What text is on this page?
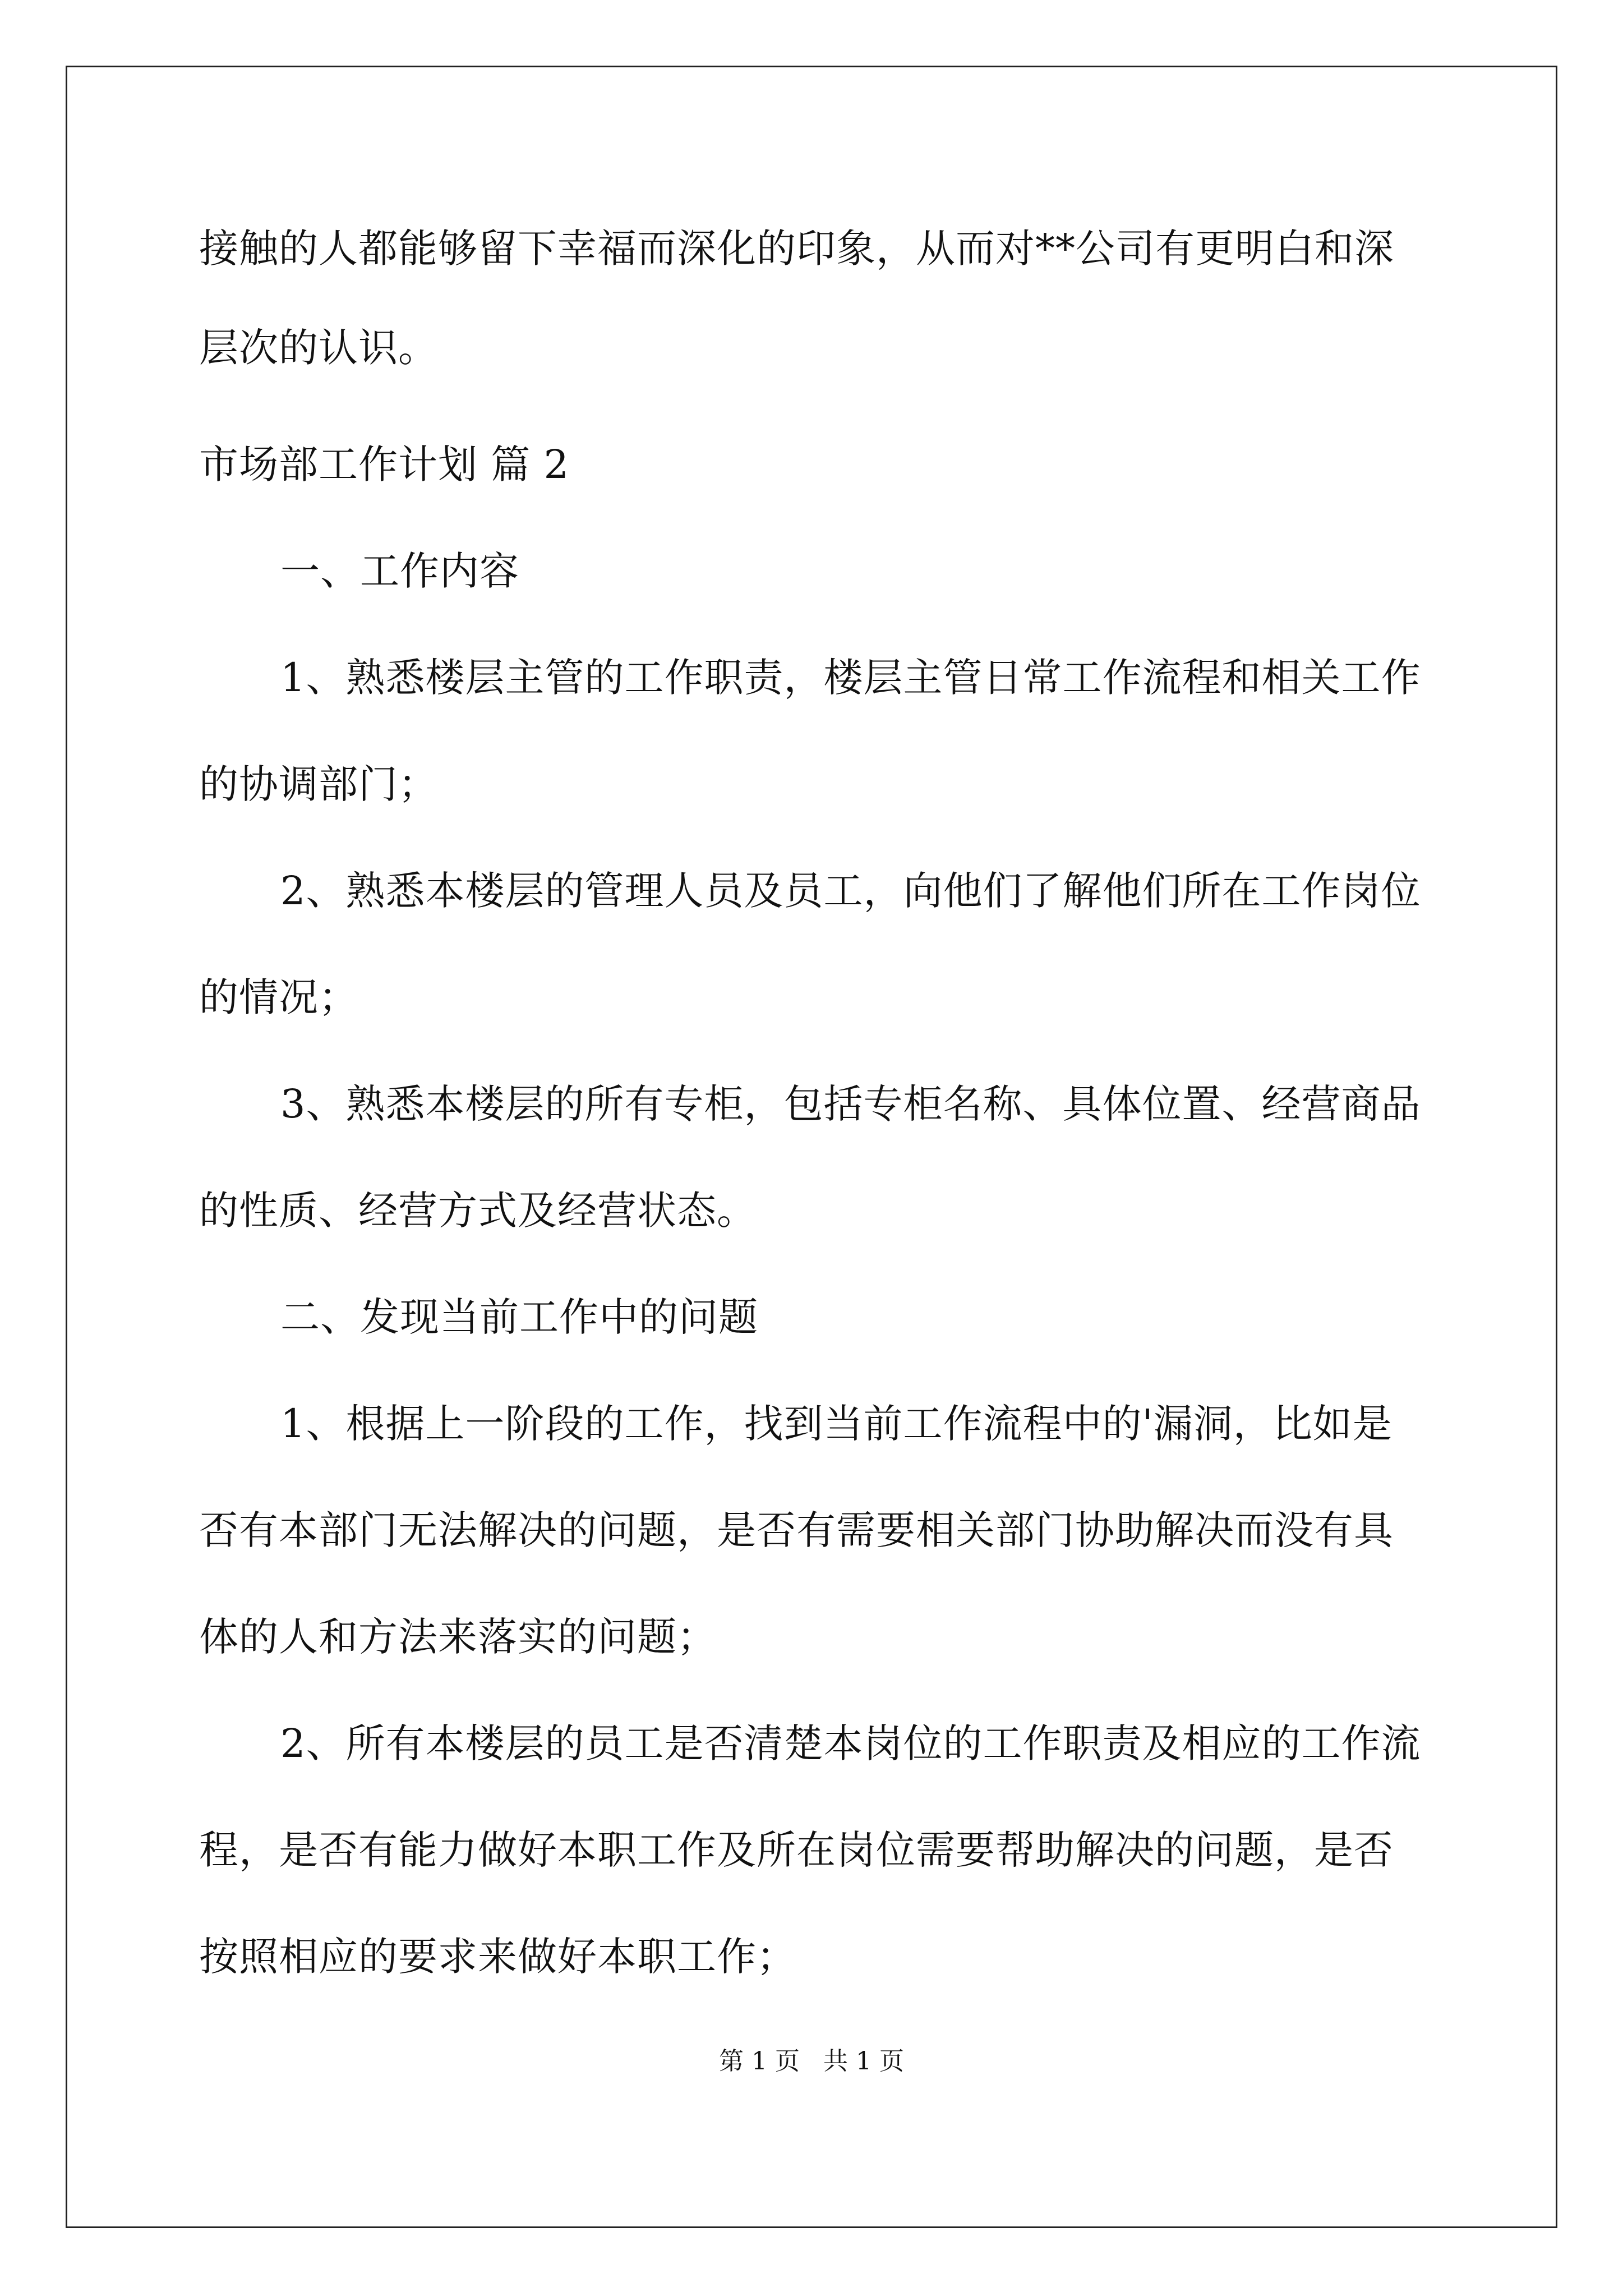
接触的人都能够留下幸福而深化的印象，从而对**公司有更明白和深
层次的认识。
市场部工作计划 篇 2
一、工作内容
1、熟悉楼层主管的工作职责，楼层主管日常工作流程和相关工作
的协调部门；
2、熟悉本楼层的管理人员及员工，向他们了解他们所在工作岗位
的情况；
3、熟悉本楼层的所有专柜，包括专柜名称、具体位置、经营商品
的性质、经营方式及经营状态。
二、发现当前工作中的问题
1、根据上一阶段的工作，找到当前工作流程中的'漏洞，比如是
否有本部门无法解决的问题，是否有需要相关部门协助解决而没有具
体的人和方法来落实的问题；
2、所有本楼层的员工是否清楚本岗位的工作职责及相应的工作流
程，是否有能力做好本职工作及所在岗位需要帮助解决的问题，是否
按照相应的要求来做好本职工作；
第 1 页   共 1 页
